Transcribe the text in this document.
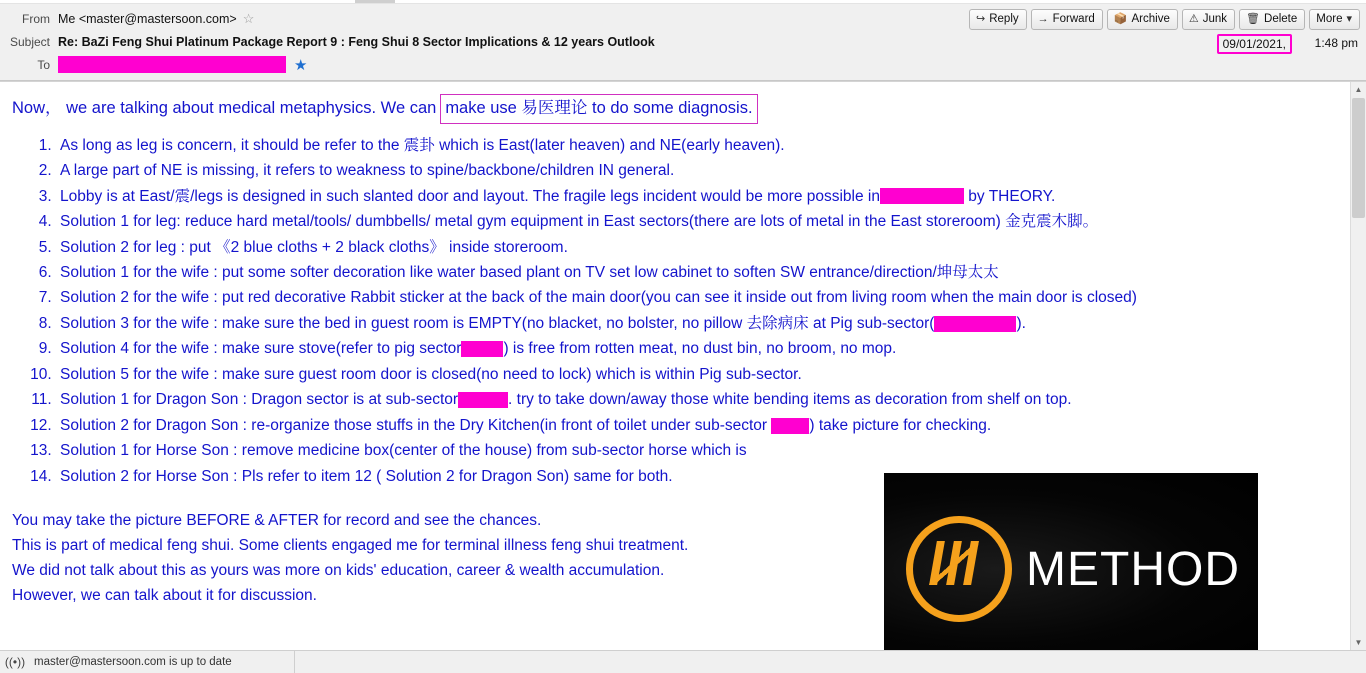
From Me <master@mastersoon.com> ☆
Subject Re: BaZi Feng Shui Platinum Package Report 9 : Feng Shui 8 Sector Implications & 12 years Outlook
To	★
↪ Reply → Forward 📦 Archive ⚠ Junk 🗑 Delete More ▾
09/01/2021,	1:48 pm
Now， we are talking about medical metaphysics. We can make use 易医理论 to do some diagnosis.
1. As long as leg is concern, it should be refer to the 震卦 which is East(later heaven) and NE(early heaven).
2. A large part of NE is missing, it refers to weakness to spine/backbone/children IN general.
3. Lobby is at East/震/legs is designed in such slanted door and layout. The fragile legs incident would be more possible in	by THEORY.
4. Solution 1 for leg: reduce hard metal/tools/ dumbbells/ metal gym equipment in East sectors(there are lots of metal in the East storeroom) 金克震木脚。
5. Solution 2 for leg : put 《2 blue cloths + 2 black cloths》 inside storeroom.
6. Solution 1 for the wife : put some softer decoration like water based plant on TV set low cabinet to soften SW entrance/direction/坤母太太
7. Solution 2 for the wife : put red decorative Rabbit sticker at the back of the main door(you can see it inside out from living room when the main door is closed)
8. Solution 3 for the wife : make sure the bed in guest room is EMPTY(no blacket, no bolster, no pillow 去除病床 at Pig sub-sector(	).
9. Solution 4 for the wife : make sure stove(refer to pig sector	) is free from rotten meat, no dust bin, no broom, no mop.
10. Solution 5 for the wife : make sure guest room door is closed(no need to lock) which is within Pig sub-sector.
11. Solution 1 for Dragon Son : Dragon sector is at sub-sector	. try to take down/away those white bending items as decoration from shelf on top.
12. Solution 2 for Dragon Son : re-organize those stuffs in the Dry Kitchen(in front of toilet under sub-sector ) take picture for checking.
13. Solution 1 for Horse Son : remove medicine box(center of the house) from sub-sector horse which is
14. Solution 2 for Horse Son : Pls refer to item 12 ( Solution 2 for Dragon Son) same for both.
You may take the picture BEFORE & AFTER for record and see the chances.
This is part of medical feng shui. Some clients engaged me for terminal illness feng shui treatment.
We did not talk about this as yours was more on kids' education, career & wealth accumulation.
However, we can talk about it for discussion.	METHOD
▲
▼
((•)) master@mastersoon.com is up to date
